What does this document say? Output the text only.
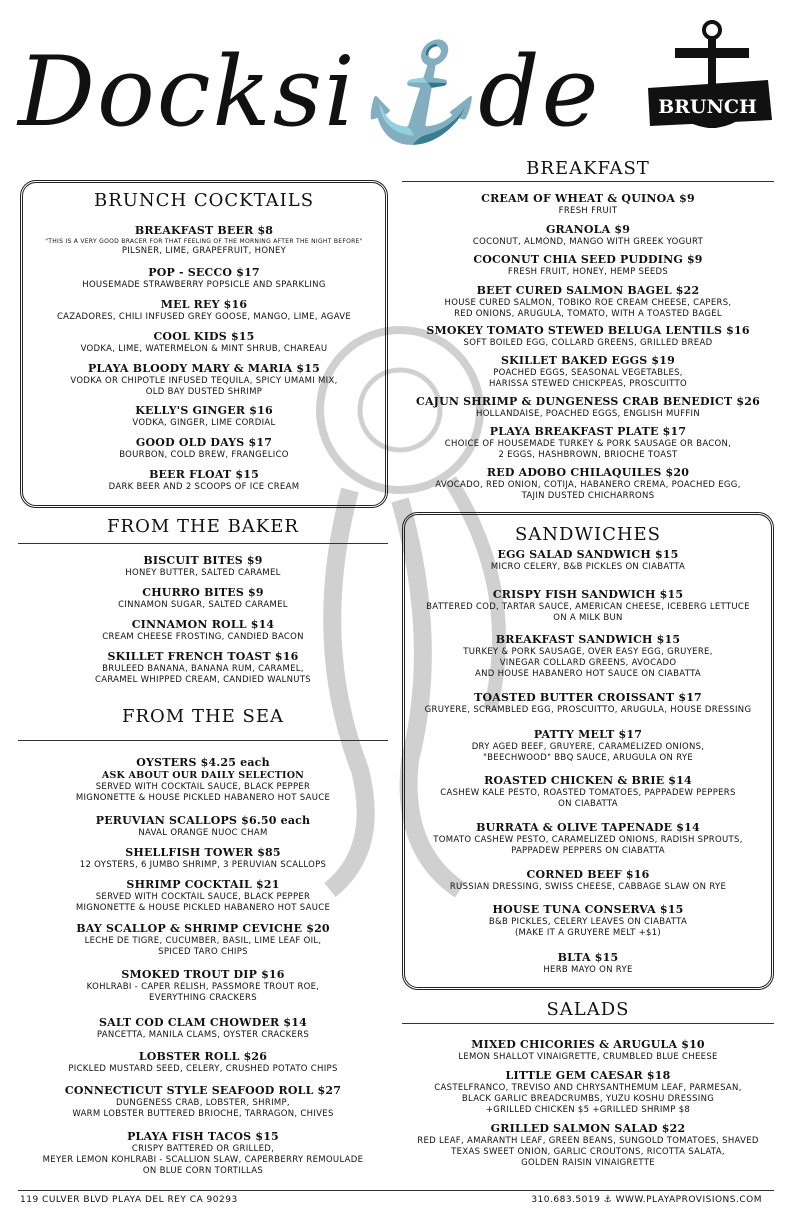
Docksi⚓de	BRUNCH
BRUNCH COCKTAILS
BREAKFAST BEER $8
"THIS IS A VERY GOOD BRACER FOR THAT FEELING OF THE MORNING AFTER THE NIGHT BEFORE"
PILSNER, LIME, GRAPEFRUIT, HONEY
POP - SECCO $17
HOUSEMADE STRAWBERRY POPSICLE AND SPARKLING
MEL REY $16
CAZADORES, CHILI INFUSED GREY GOOSE, MANGO, LIME, AGAVE
COOL KIDS $15
VODKA, LIME, WATERMELON & MINT SHRUB, CHAREAU
PLAYA BLOODY MARY & MARIA $15
VODKA OR CHIPOTLE INFUSED TEQUILA, SPICY UMAMI MIX,
OLD BAY DUSTED SHRIMP
KELLY'S GINGER $16
VODKA, GINGER, LIME CORDIAL
GOOD OLD DAYS $17
BOURBON, COLD BREW, FRANGELICO
BEER FLOAT $15
DARK BEER AND 2 SCOOPS OF ICE CREAM
FROM THE BAKER
BISCUIT BITES $9
HONEY BUTTER, SALTED CARAMEL
CHURRO BITES $9
CINNAMON SUGAR, SALTED CARAMEL
CINNAMON ROLL $14
CREAM CHEESE FROSTING, CANDIED BACON
SKILLET FRENCH TOAST $16
BRULEED BANANA, BANANA RUM, CARAMEL,
CARAMEL WHIPPED CREAM, CANDIED WALNUTS
FROM THE SEA
OYSTERS $4.25 each
ASK ABOUT OUR DAILY SELECTION
SERVED WITH COCKTAIL SAUCE, BLACK PEPPER
MIGNONETTE & HOUSE PICKLED HABANERO HOT SAUCE
PERUVIAN SCALLOPS $6.50 each
NAVAL ORANGE NUOC CHAM
SHELLFISH TOWER $85
12 OYSTERS, 6 JUMBO SHRIMP, 3 PERUVIAN SCALLOPS
SHRIMP COCKTAIL $21
SERVED WITH COCKTAIL SAUCE, BLACK PEPPER
MIGNONETTE & HOUSE PICKLED HABANERO HOT SAUCE
BAY SCALLOP & SHRIMP CEVICHE $20
LECHE DE TIGRE, CUCUMBER, BASIL, LIME LEAF OIL,
SPICED TARO CHIPS
SMOKED TROUT DIP $16
KOHLRABI - CAPER RELISH, PASSMORE TROUT ROE,
EVERYTHING CRACKERS
SALT COD CLAM CHOWDER $14
PANCETTA, MANILA CLAMS, OYSTER CRACKERS
LOBSTER ROLL $26
PICKLED MUSTARD SEED, CELERY, CRUSHED POTATO CHIPS
CONNECTICUT STYLE SEAFOOD ROLL $27
DUNGENESS CRAB, LOBSTER, SHRIMP,
WARM LOBSTER BUTTERED BRIOCHE, TARRAGON, CHIVES
PLAYA FISH TACOS $15
CRISPY BATTERED OR GRILLED,
MEYER LEMON KOHLRABI - SCALLION SLAW, CAPERBERRY REMOULADE
ON BLUE CORN TORTILLAS
BREAKFAST
CREAM OF WHEAT & QUINOA $9
FRESH FRUIT
GRANOLA $9
COCONUT, ALMOND, MANGO WITH GREEK YOGURT
COCONUT CHIA SEED PUDDING $9
FRESH FRUIT, HONEY, HEMP SEEDS
BEET CURED SALMON BAGEL $22
HOUSE CURED SALMON, TOBIKO ROE CREAM CHEESE, CAPERS,
RED ONIONS, ARUGULA, TOMATO, WITH A TOASTED BAGEL
SMOKEY TOMATO STEWED BELUGA LENTILS $16
SOFT BOILED EGG, COLLARD GREENS, GRILLED BREAD
SKILLET BAKED EGGS $19
POACHED EGGS, SEASONAL VEGETABLES,
HARISSA STEWED CHICKPEAS, PROSCUITTO
CAJUN SHRIMP & DUNGENESS CRAB BENEDICT $26
HOLLANDAISE, POACHED EGGS, ENGLISH MUFFIN
PLAYA BREAKFAST PLATE $17
CHOICE OF HOUSEMADE TURKEY & PORK SAUSAGE OR BACON,
2 EGGS, HASHBROWN, BRIOCHE TOAST
RED ADOBO CHILAQUILES $20
AVOCADO, RED ONION, COTIJA, HABANERO CREMA, POACHED EGG,
TAJIN DUSTED CHICHARRONS
SANDWICHES
EGG SALAD SANDWICH $15
MICRO CELERY, B&B PICKLES ON CIABATTA
CRISPY FISH SANDWICH $15
BATTERED COD, TARTAR SAUCE, AMERICAN CHEESE, ICEBERG LETTUCE
ON A MILK BUN
BREAKFAST SANDWICH $15
TURKEY & PORK SAUSAGE, OVER EASY EGG, GRUYERE,
VINEGAR COLLARD GREENS, AVOCADO
AND HOUSE HABANERO HOT SAUCE ON CIABATTA
TOASTED BUTTER CROISSANT $17
GRUYERE, SCRAMBLED EGG, PROSCUITTO, ARUGULA, HOUSE DRESSING
PATTY MELT $17
DRY AGED BEEF, GRUYERE, CARAMELIZED ONIONS,
"BEECHWOOD" BBQ SAUCE, ARUGULA ON RYE
ROASTED CHICKEN & BRIE $14
CASHEW KALE PESTO, ROASTED TOMATOES, PAPPADEW PEPPERS
ON CIABATTA
BURRATA & OLIVE TAPENADE $14
TOMATO CASHEW PESTO, CARAMELIZED ONIONS, RADISH SPROUTS,
PAPPADEW PEPPERS ON CIABATTA
CORNED BEEF $16
RUSSIAN DRESSING, SWISS CHEESE, CABBAGE SLAW ON RYE
HOUSE TUNA CONSERVA $15
B&B PICKLES, CELERY LEAVES ON CIABATTA
(MAKE IT A GRUYERE MELT +$1)
BLTA $15
HERB MAYO ON RYE
SALADS
MIXED CHICORIES & ARUGULA $10
LEMON SHALLOT VINAIGRETTE, CRUMBLED BLUE CHEESE
LITTLE GEM CAESAR $18
CASTELFRANCO, TREVISO AND CHRYSANTHEMUM LEAF, PARMESAN,
BLACK GARLIC BREADCRUMBS, YUZU KOSHU DRESSING
+GRILLED CHICKEN $5 +GRILLED SHRIMP $8
GRILLED SALMON SALAD $22
RED LEAF, AMARANTH LEAF, GREEN BEANS, SUNGOLD TOMATOES, SHAVED
TEXAS SWEET ONION, GARLIC CROUTONS, RICOTTA SALATA,
GOLDEN RAISIN VINAIGRETTE
119 CULVER BLVD PLAYA DEL REY CA 90293	310.683.5019 ⚓ WWW.PLAYAPROVISIONS.COM
